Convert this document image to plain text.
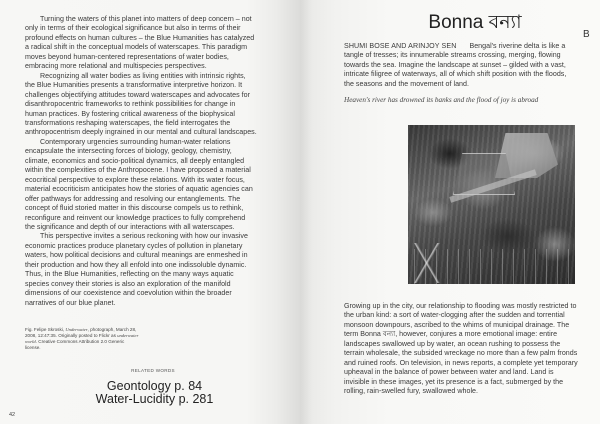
Turning the waters of this planet into matters of deep concern – not only in terms of their ecological significance but also in terms of their profound effects on human cultures – the Blue Humanities has catalyzed a radical shift in the conceptual models of waterscapes. This paradigm moves beyond human-centered representations of water bodies, embracing more relational and multispecies perspectives.

Recognizing all water bodies as living entities with intrinsic rights, the Blue Humanities presents a transformative interpretive horizon. It challenges objectifying attitudes toward waterscapes and advocates for disanthropocentric frameworks to rethink possibilities for change in human practices. By fostering critical awareness of the biophysical transformations reshaping waterscapes, the field interrogates the anthropocentrism deeply ingrained in our mental and cultural landscapes.

Contemporary urgencies surrounding human-water relations encapsulate the intersecting forces of biology, geology, chemistry, climate, economics and socio-political dynamics, all deeply entangled within the complexities of the Anthropocene. I have proposed a material ecocritical perspective to explore these relations. With its water focus, material ecocriticism anticipates how the stories of aquatic agencies can offer pathways for addressing and resolving our entanglements. The concept of fluid storied matter in this discourse compels us to rethink, reconfigure and reinvent our knowledge practices to fully comprehend the significance and depth of our interactions with all waterscapes.

This perspective invites a serious reckoning with how our invasive economic practices produce planetary cycles of pollution in planetary waters, how political decisions and cultural meanings are enmeshed in their production and how they all enfold into one indissoluble dynamic. Thus, in the Blue Humanities, reflecting on the many ways aquatic species convey their stories is also an exploration of the manifold dimensions of our coexistence and coevolution within the broader narratives of our blue planet.

Fig. Felipe Skroski, Underwater, photograph, March 28, 2008, 12:47:35. Originally posted to Flickr as underwater world. Creative Commons Attribution 2.0 Generic license.
RELATED WORDS
Geontology p. 84
Water-Lucidity p. 281
42
Bonna বন্যা
B

SHUMI BOSE AND ARINJOY SEN Bengal's riverine delta is like a tangle of tresses; its innumerable streams crossing, merging, flowing towards the sea. Imagine the landscape at sunset – gilded with a vast, intricate filigree of waterways, all of which shift position with the floods, the seasons and the movement of land.

Heaven's river has drowned its banks and the flood of joy is abroad

Growing up in the city, our relationship to flooding was mostly restricted to the urban kind: a sort of water-clogging after the sudden and torrential monsoon downpours, ascribed to the whims of municipal drainage. The term Bonna বন্যা, however, conjures a more emotional image: entire landscapes swallowed up by water, an ocean rushing to possess the terrain wholesale, the subsided wreckage no more than a few palm fronds and ruined roofs. On television, in news reports, a complete yet temporary upheaval in the balance of power between water and land. Land is invisible in these images, yet its presence is a fact, submerged by the rolling, rain-swelled fury, swallowed whole.
